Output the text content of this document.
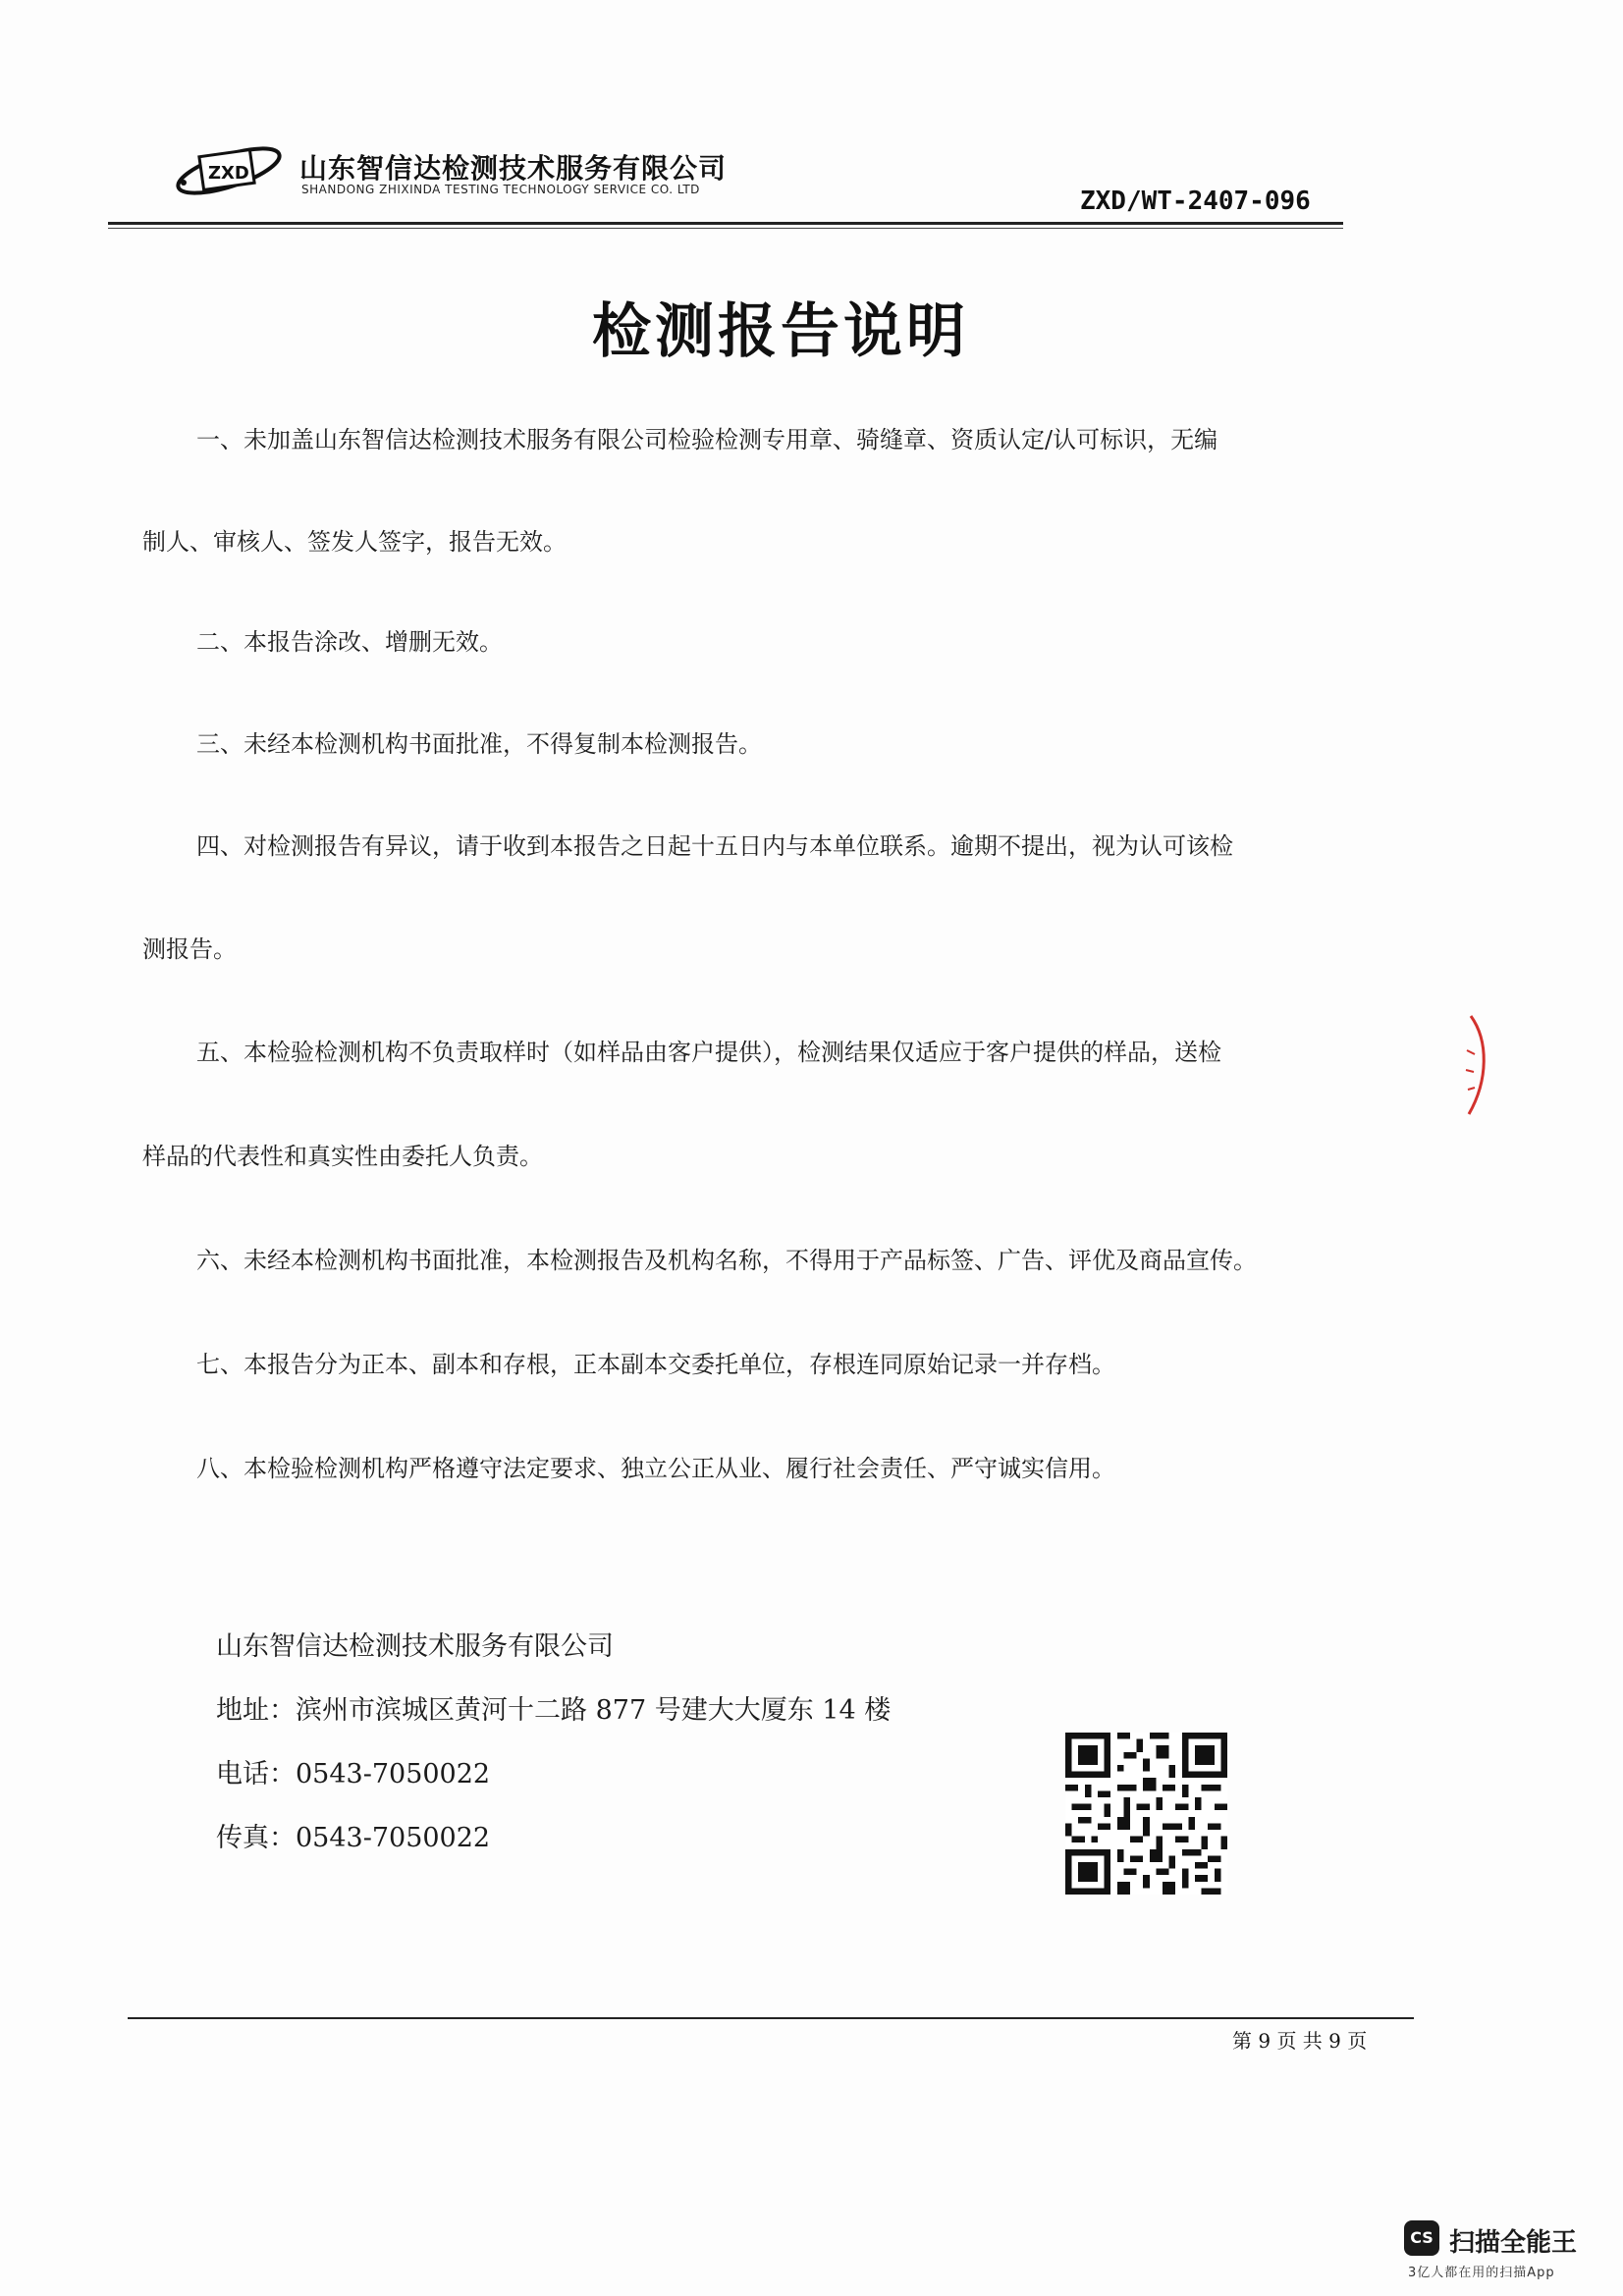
ZXD 山东智信达检测技术服务有限公司
SHANDONG ZHIXINDA TESTING TECHNOLOGY SERVICE CO. LTD	ZXD/WT-2407-096
检测报告说明
一、未加盖山东智信达检测技术服务有限公司检验检测专用章、骑缝章、资质认定/认可标识，无编
制人、审核人、签发人签字，报告无效。
二、本报告涂改、增删无效。
三、未经本检测机构书面批准，不得复制本检测报告。
四、对检测报告有异议，请于收到本报告之日起十五日内与本单位联系。逾期不提出，视为认可该检
测报告。
五、本检验检测机构不负责取样时（如样品由客户提供），检测结果仅适应于客户提供的样品，送检
样品的代表性和真实性由委托人负责。
六、未经本检测机构书面批准，本检测报告及机构名称，不得用于产品标签、广告、评优及商品宣传。
七、本报告分为正本、副本和存根，正本副本交委托单位，存根连同原始记录一并存档。
八、本检验检测机构严格遵守法定要求、独立公正从业、履行社会责任、严守诚实信用。
山东智信达检测技术服务有限公司
地址：滨州市滨城区黄河十二路 877 号建大大厦东 14 楼
电话：0543-7050022
传真：0543-7050022
第 9 页 共 9 页
CS 扫描全能王
3亿人都在用的扫描App
